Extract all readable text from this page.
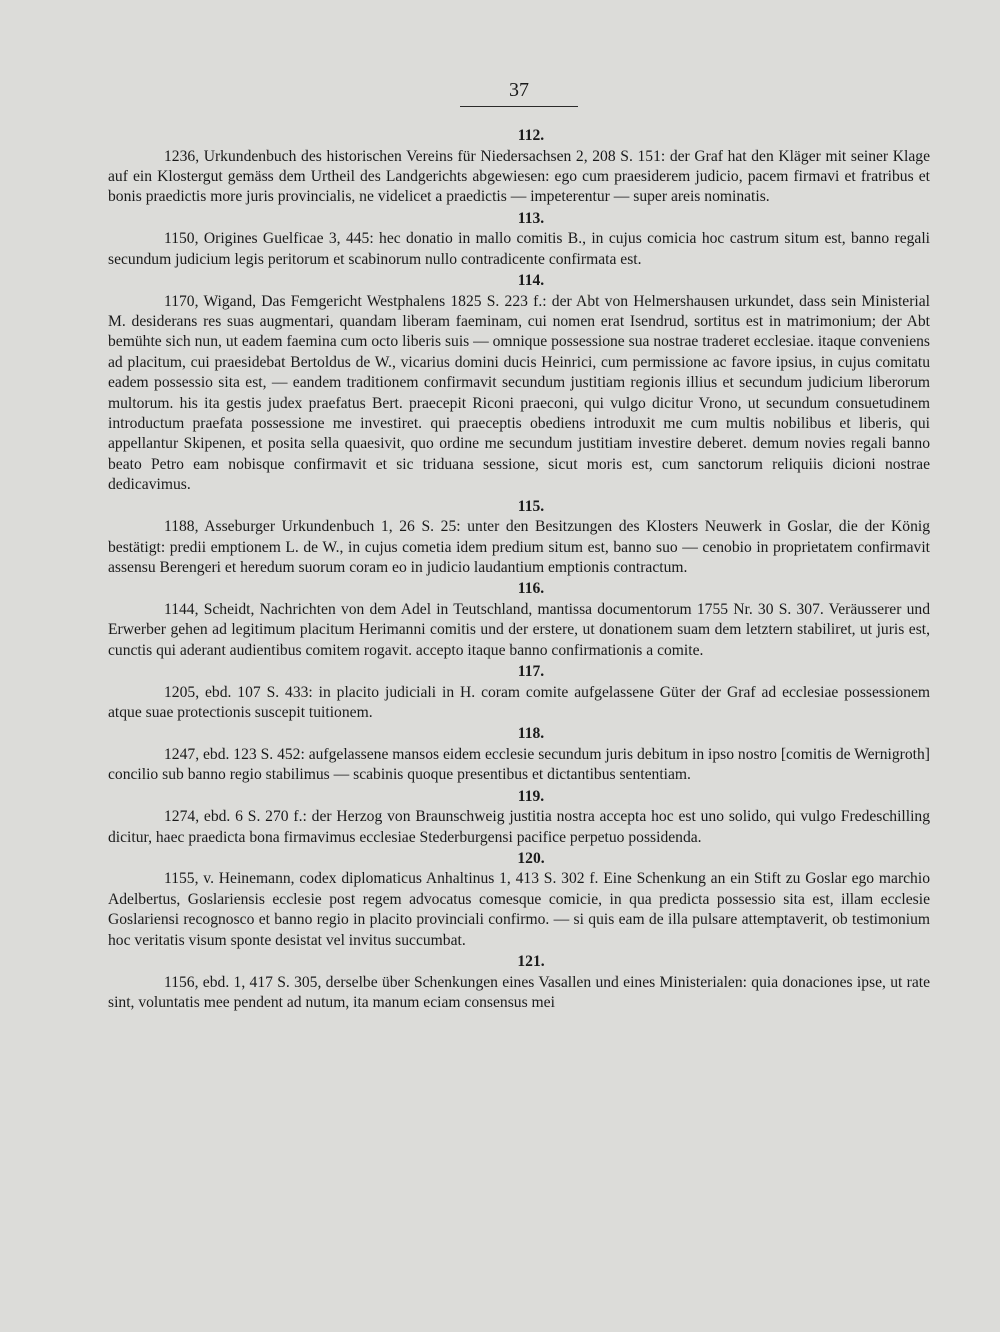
37
112.

1236, Urkundenbuch des historischen Vereins für Niedersachsen 2, 208 S. 151: der Graf hat den Kläger mit seiner Klage auf ein Klostergut gemäss dem Urtheil des Landgerichts abgewiesen: ego cum praesiderem judicio, pacem firmavi et fratribus et bonis praedictis more juris provincialis, ne videlicet a praedictis — impeterentur — super areis nominatis.

113.

1150, Origines Guelficae 3, 445: hec donatio in mallo comitis B., in cujus comicia hoc castrum situm est, banno regali secundum judicium legis peritorum et scabinorum nullo contradicente confirmata est.

114.

1170, Wigand, Das Femgericht Westphalens 1825 S. 223 f.: der Abt von Helmershausen urkundet, dass sein Ministerial M. desiderans res suas augmentari, quandam liberam faeminam, cui nomen erat Isendrud, sortitus est in matrimonium; der Abt bemühte sich nun, ut eadem faemina cum octo liberis suis — omnique possessione sua nostrae traderet ecclesiae. itaque conveniens ad placitum, cui praesidebat Bertoldus de W., vicarius domini ducis Heinrici, cum permissione ac favore ipsius, in cujus comitatu eadem possessio sita est, — eandem traditionem confirmavit secundum justitiam regionis illius et secundum judicium liberorum multorum. his ita gestis judex praefatus Bert. praecepit Riconi praeconi, qui vulgo dicitur Vrono, ut secundum consuetudinem introductum praefata possessione me investiret. qui praeceptis obediens introduxit me cum multis nobilibus et liberis, qui appellantur Skipenen, et posita sella quaesivit, quo ordine me secundum justitiam investire deberet. demum novies regali banno beato Petro eam nobisque confirmavit et sic triduana sessione, sicut moris est, cum sanctorum reliquiis dicioni nostrae dedicavimus.

115.

1188, Asseburger Urkundenbuch 1, 26 S. 25: unter den Besitzungen des Klosters Neuwerk in Goslar, die der König bestätigt: predii emptionem L. de W., in cujus cometia idem predium situm est, banno suo — cenobio in proprietatem confirmavit assensu Berengeri et heredum suorum coram eo in judicio laudantium emptionis contractum.

116.

1144, Scheidt, Nachrichten von dem Adel in Teutschland, mantissa documentorum 1755 Nr. 30 S. 307. Veräusserer und Erwerber gehen ad legitimum placitum Herimanni comitis und der erstere, ut donationem suam dem letztern stabiliret, ut juris est, cunctis qui aderant audientibus comitem rogavit. accepto itaque banno confirmationis a comite.

117.

1205, ebd. 107 S. 433: in placito judiciali in H. coram comite aufgelassene Güter der Graf ad ecclesiae possessionem atque suae protectionis suscepit tuitionem.

118.

1247, ebd. 123 S. 452: aufgelassene mansos eidem ecclesie secundum juris debitum in ipso nostro [comitis de Wernigroth] concilio sub banno regio stabilimus — scabinis quoque presentibus et dictantibus sententiam.

119.

1274, ebd. 6 S. 270 f.: der Herzog von Braunschweig justitia nostra accepta hoc est uno solido, qui vulgo Fredeschilling dicitur, haec praedicta bona firmavimus ecclesiae Stederburgensi pacifice perpetuo possidenda.

120.

1155, v. Heinemann, codex diplomaticus Anhaltinus 1, 413 S. 302 f. Eine Schenkung an ein Stift zu Goslar ego marchio Adelbertus, Goslariensis ecclesie post regem advocatus comesque comicie, in qua predicta possessio sita est, illam ecclesie Goslariensi recognosco et banno regio in placito provinciali confirmo. — si quis eam de illa pulsare attemptaverit, ob testimonium hoc veritatis visum sponte desistat vel invitus succumbat.

121.

1156, ebd. 1, 417 S. 305, derselbe über Schenkungen eines Vasallen und eines Ministerialen: quia donaciones ipse, ut rate sint, voluntatis mee pendent ad nutum, ita manum eciam consensus mei
